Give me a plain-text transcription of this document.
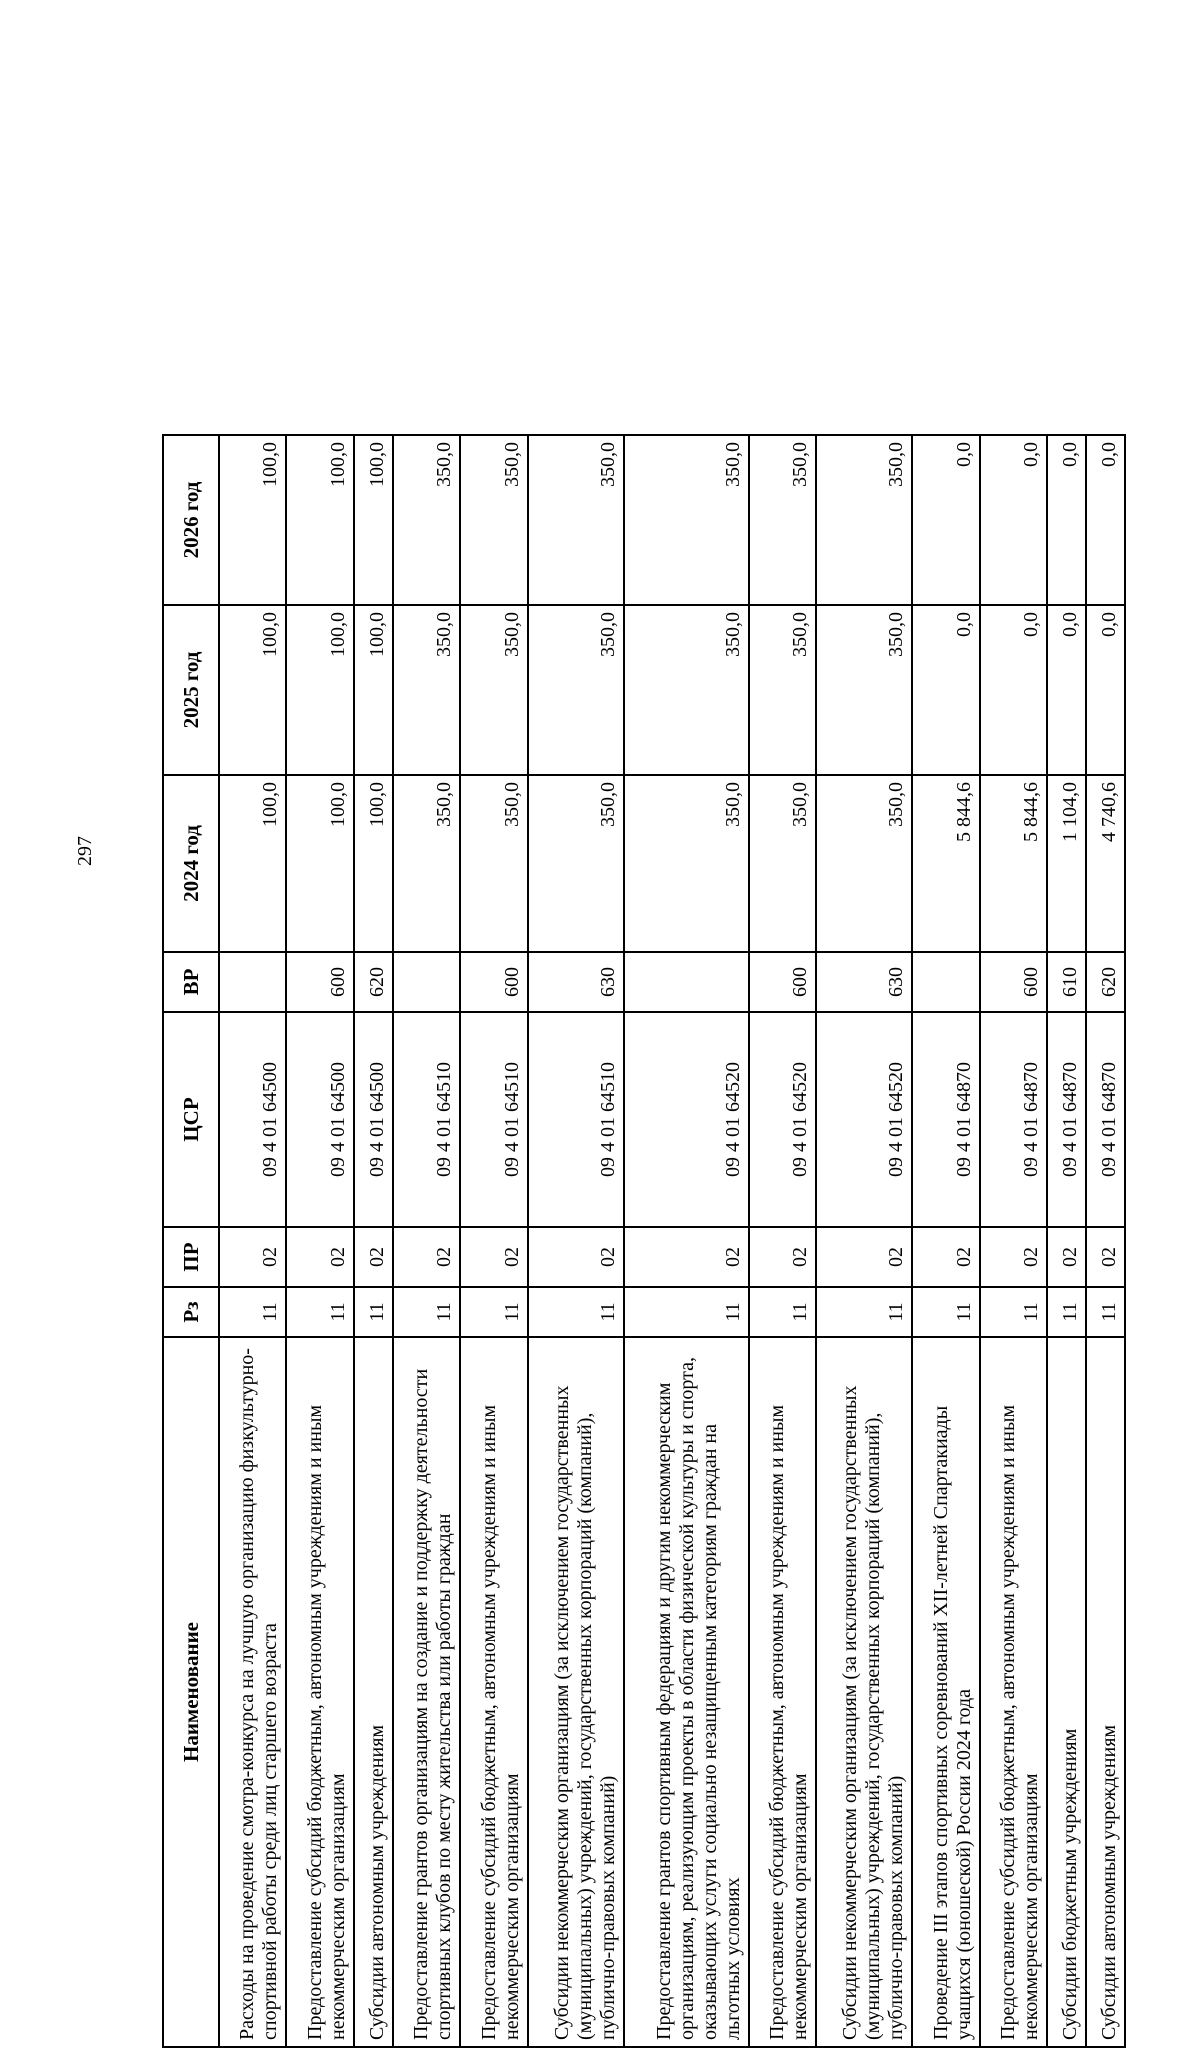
297
Наименование	Рз	ПР	ЦСР	ВР	2024 год	2025 год	2026 год
Расходы на проведение смотра-конкурса на лучшую организацию физкультурно-спортивной работы среди лиц старшего возраста	11	02	09 4 01 64500		100,0	100,0	100,0
Предоставление субсидий бюджетным, автономным учреждениям и иным некоммерческим организациям	11	02	09 4 01 64500	600	100,0	100,0	100,0
Субсидии автономным учреждениям	11	02	09 4 01 64500	620	100,0	100,0	100,0
Предоставление грантов организациям на создание и поддержку деятельности спортивных клубов по месту жительства или работы граждан	11	02	09 4 01 64510		350,0	350,0	350,0
Предоставление субсидий бюджетным, автономным учреждениям и иным некоммерческим организациям	11	02	09 4 01 64510	600	350,0	350,0	350,0
Субсидии некоммерческим организациям (за исключением государственных (муниципальных) учреждений, государственных корпораций (компаний), публично-правовых компаний)	11	02	09 4 01 64510	630	350,0	350,0	350,0
Предоставление грантов спортивным федерациям и другим некоммерческим организациям, реализующим проекты в области физической культуры и спорта, оказывающих услуги социально незащищенным категориям граждан на льготных условиях	11	02	09 4 01 64520		350,0	350,0	350,0
Предоставление субсидий бюджетным, автономным учреждениям и иным некоммерческим организациям	11	02	09 4 01 64520	600	350,0	350,0	350,0
Субсидии некоммерческим организациям (за исключением государственных (муниципальных) учреждений, государственных корпораций (компаний), публично-правовых компаний)	11	02	09 4 01 64520	630	350,0	350,0	350,0
Проведение III этапов спортивных соревнований XII-летней Спартакиады учащихся (юношеской) России 2024 года	11	02	09 4 01 64870		5 844,6	0,0	0,0
Предоставление субсидий бюджетным, автономным учреждениям и иным некоммерческим организациям	11	02	09 4 01 64870	600	5 844,6	0,0	0,0
Субсидии бюджетным учреждениям	11	02	09 4 01 64870	610	1 104,0	0,0	0,0
Субсидии автономным учреждениям	11	02	09 4 01 64870	620	4 740,6	0,0	0,0
